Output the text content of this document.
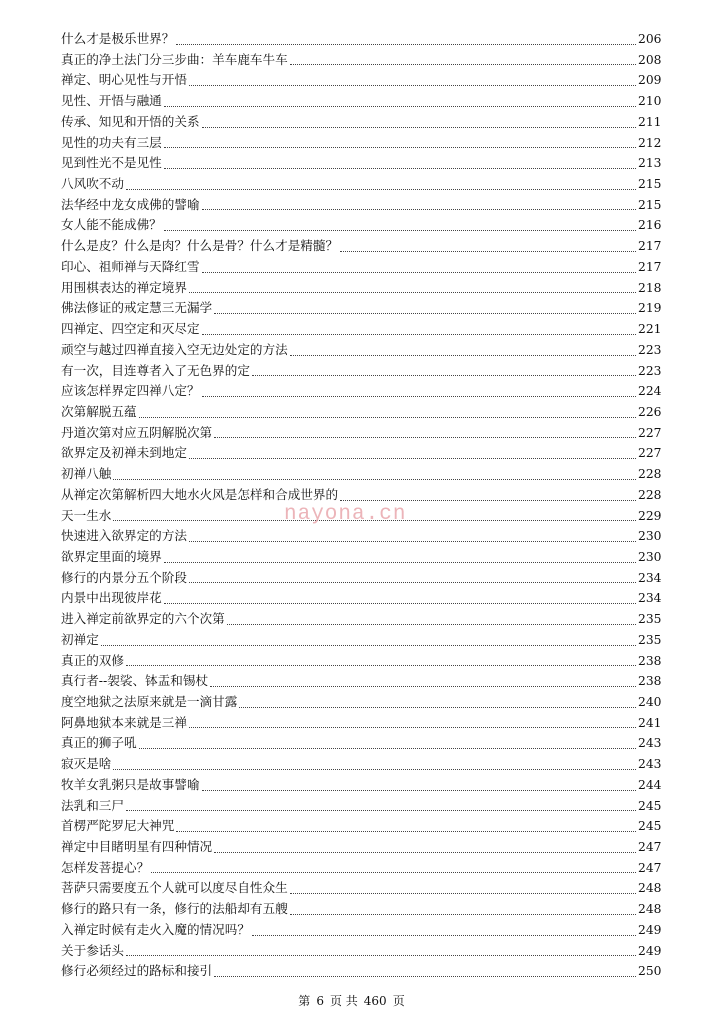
什么才是极乐世界？	206
真正的净土法门分三步曲：羊车鹿车牛车	208
禅定、明心见性与开悟	209
见性、开悟与融通	210
传承、知见和开悟的关系	211
见性的功夫有三层	212
见到性光不是见性	213
八风吹不动	215
法华经中龙女成佛的譬喻	215
女人能不能成佛？	216
什么是皮？什么是肉？什么是骨？什么才是精髓？	217
印心、祖师禅与天降红雪	217
用围棋表达的禅定境界	218
佛法修证的戒定慧三无漏学	219
四禅定、四空定和灭尽定	221
顽空与越过四禅直接入空无边处定的方法	223
有一次，目连尊者入了无色界的定	223
应该怎样界定四禅八定？	224
次第解脱五蕴	226
丹道次第对应五阴解脱次第	227
欲界定及初禅未到地定	227
初禅八触	228
从禅定次第解析四大地水火风是怎样和合成世界的	228
天一生水	229
快速进入欲界定的方法	230
欲界定里面的境界	230
修行的内景分五个阶段	234
内景中出现彼岸花	234
进入禅定前欲界定的六个次第	235
初禅定	235
真正的双修	238
真行者--袈裟、钵盂和锡杖	238
度空地狱之法原来就是一滴甘露	240
阿鼻地狱本来就是三禅	241
真正的狮子吼	243
寂灭是啥	243
牧羊女乳粥只是故事譬喻	244
法乳和三尸	245
首楞严陀罗尼大神咒	245
禅定中目睹明星有四种情况	247
怎样发菩提心？	247
菩萨只需要度五个人就可以度尽自性众生	248
修行的路只有一条，修行的法船却有五艘	248
入禅定时候有走火入魔的情况吗？	249
关于参话头	249
修行必须经过的路标和接引	250
nayona.cn
第 6 页 共 460 页
